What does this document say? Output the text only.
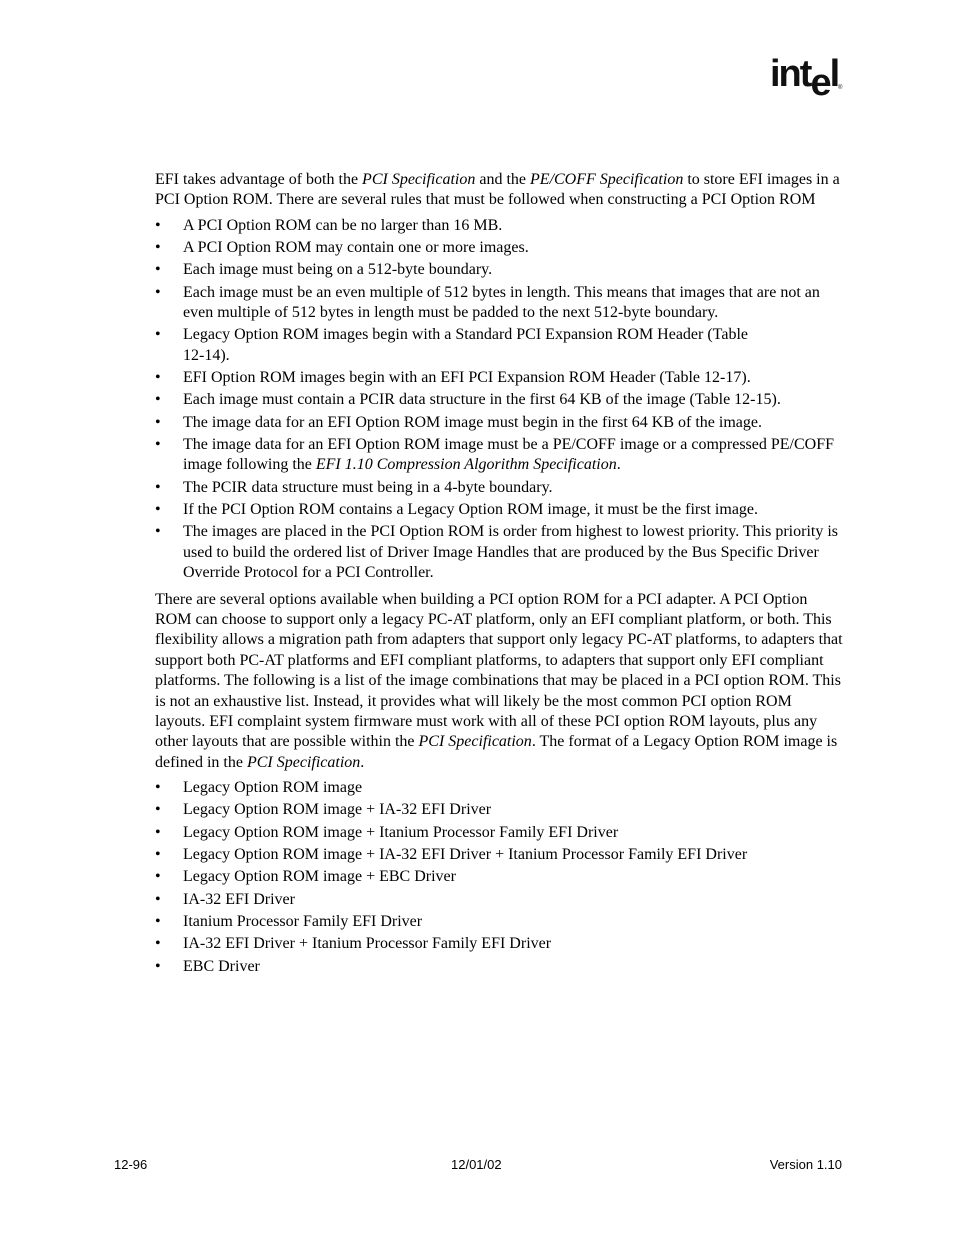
intel ®

EFI takes advantage of both the PCI Specification and the PE/COFF Specification to store EFI images in a PCI Option ROM. There are several rules that must be followed when constructing a PCI Option ROM

• A PCI Option ROM can be no larger than 16 MB.
• A PCI Option ROM may contain one or more images.
• Each image must being on a 512-byte boundary.
• Each image must be an even multiple of 512 bytes in length. This means that images that are not an even multiple of 512 bytes in length must be padded to the next 512-byte boundary.
• Legacy Option ROM images begin with a Standard PCI Expansion ROM Header (Table 12-14).
• EFI Option ROM images begin with an EFI PCI Expansion ROM Header (Table 12-17).
• Each image must contain a PCIR data structure in the first 64 KB of the image (Table 12-15).
• The image data for an EFI Option ROM image must begin in the first 64 KB of the image.
• The image data for an EFI Option ROM image must be a PE/COFF image or a compressed PE/COFF image following the EFI 1.10 Compression Algorithm Specification.
• The PCIR data structure must being in a 4-byte boundary.
• If the PCI Option ROM contains a Legacy Option ROM image, it must be the first image.
• The images are placed in the PCI Option ROM is order from highest to lowest priority. This priority is used to build the ordered list of Driver Image Handles that are produced by the Bus Specific Driver Override Protocol for a PCI Controller.

There are several options available when building a PCI option ROM for a PCI adapter. A PCI Option ROM can choose to support only a legacy PC-AT platform, only an EFI compliant platform, or both. This flexibility allows a migration path from adapters that support only legacy PC-AT platforms, to adapters that support both PC-AT platforms and EFI compliant platforms, to adapters that support only EFI compliant platforms. The following is a list of the image combinations that may be placed in a PCI option ROM. This is not an exhaustive list. Instead, it provides what will likely be the most common PCI option ROM layouts. EFI complaint system firmware must work with all of these PCI option ROM layouts, plus any other layouts that are possible within the PCI Specification. The format of a Legacy Option ROM image is defined in the PCI Specification.

• Legacy Option ROM image
• Legacy Option ROM image + IA-32 EFI Driver
• Legacy Option ROM image + Itanium Processor Family EFI Driver
• Legacy Option ROM image + IA-32 EFI Driver + Itanium Processor Family EFI Driver
• Legacy Option ROM image + EBC Driver
• IA-32 EFI Driver
• Itanium Processor Family EFI Driver
• IA-32 EFI Driver + Itanium Processor Family EFI Driver
• EBC Driver
12-96	12/01/02	Version 1.10
